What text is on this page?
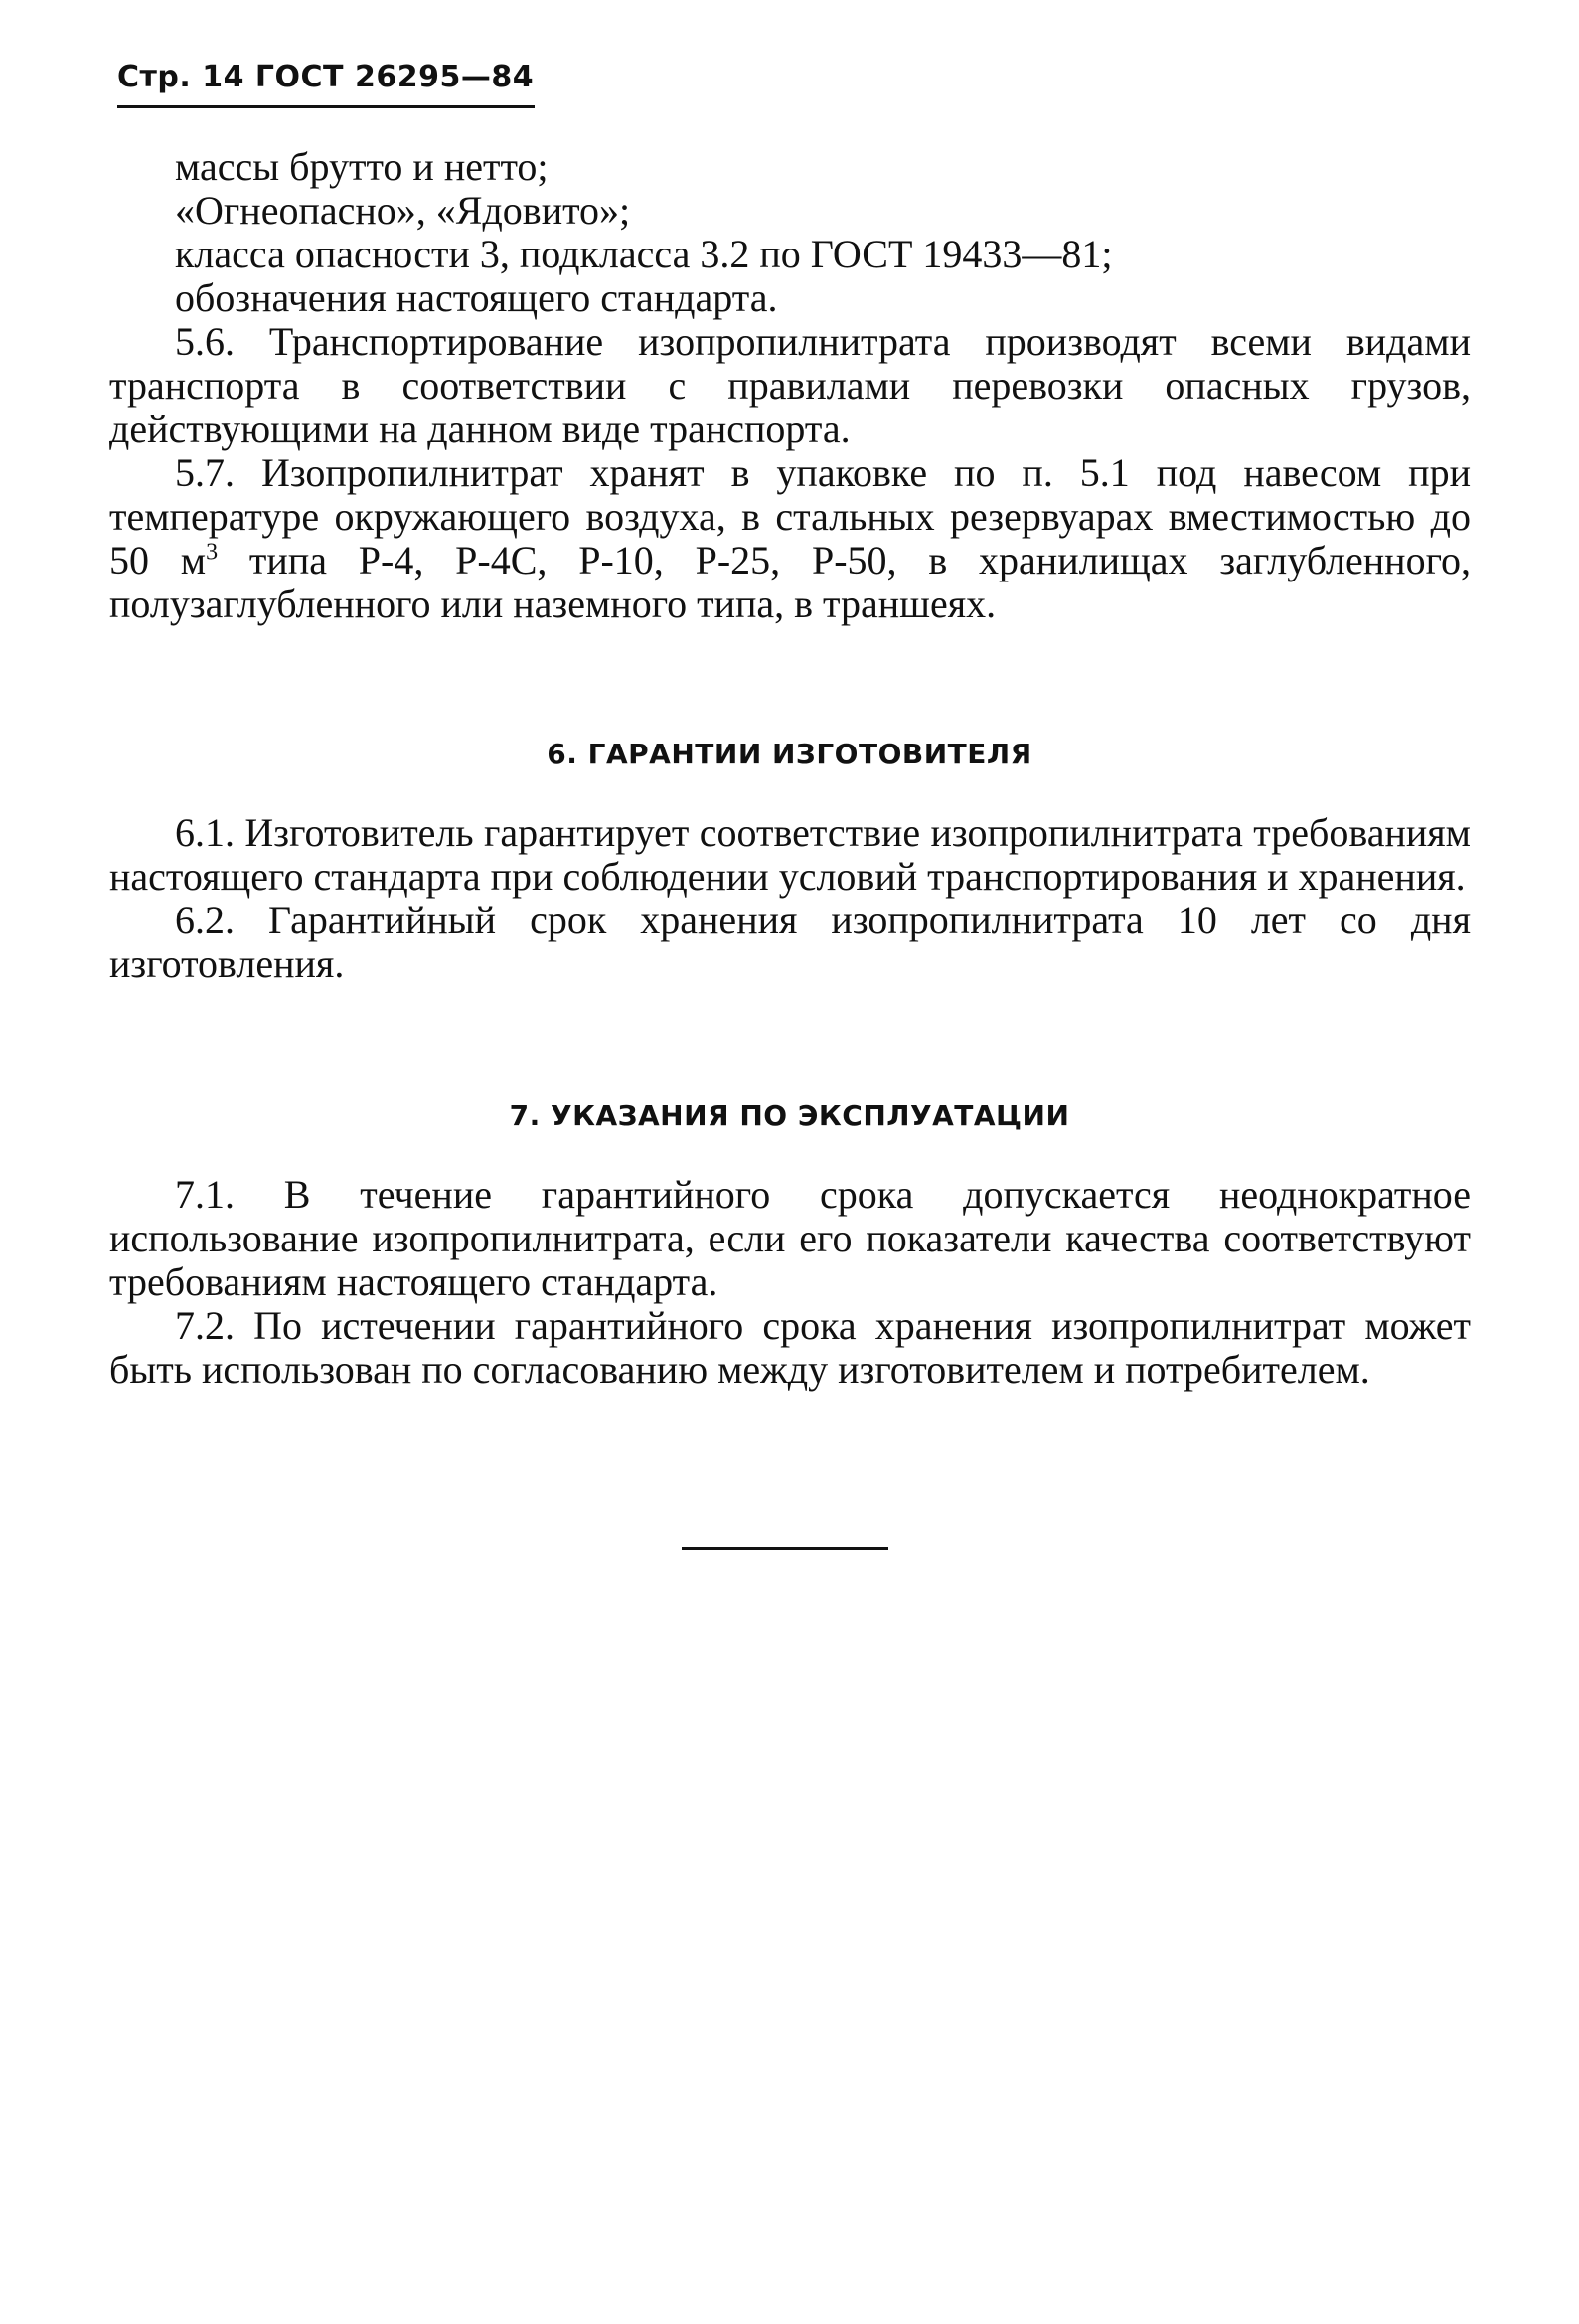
Стр. 14 ГОСТ 26295—84
массы брутто и нетто;
«Огнеопасно», «Ядовито»;
класса опасности 3, подкласса 3.2 по ГОСТ 19433—81;
обозначения настоящего стандарта.
5.6. Транспортирование изопропилнитрата производят всеми видами транспорта в соответствии с правилами перевозки опасных грузов, действующими на данном виде транспорта.
5.7. Изопропилнитрат хранят в упаковке по п. 5.1 под навесом при температуре окружающего воздуха, в стальных резервуарах вместимостью до 50 $м^3$ типа Р-4, Р-4С, Р-10, Р-25, Р-50, в хранилищах заглубленного, полузаглубленного или наземного типа, в траншеях.
6. ГАРАНТИИ ИЗГОТОВИТЕЛЯ
6.1. Изготовитель гарантирует соответствие изопропилнитрата требованиям настоящего стандарта при соблюдении условий транспортирования и хранения.
6.2. Гарантийный срок хранения изопропилнитрата 10 лет со дня изготовления.
7. УКАЗАНИЯ ПО ЭКСПЛУАТАЦИИ
7.1. В течение гарантийного срока допускается неоднократное использование изопропилнитрата, если его показатели качества соответствуют требованиям настоящего стандарта.
7.2. По истечении гарантийного срока хранения изопропилнитрат может быть использован по согласованию между изготовителем и потребителем.
